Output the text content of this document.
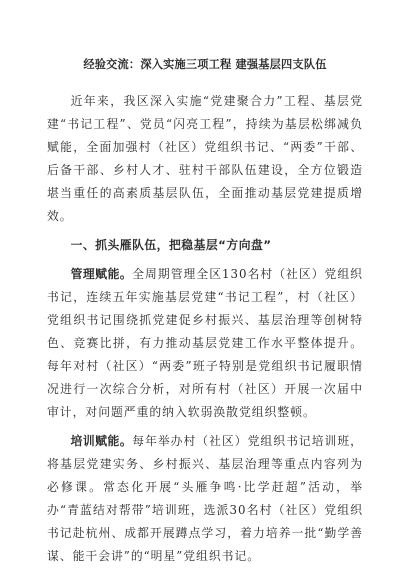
经验交流：深入实施三项工程 建强基层四支队伍

近年来，我区深入实施“党建聚合力”工程、基层党建“书记工程”、党员“闪亮工程”，持续为基层松绑减负赋能，全面加强村（社区）党组织书记、“两委”干部、后备干部、乡村人才、驻村干部队伍建设，全方位锻造堪当重任的高素质基层队伍，全面推动基层党建提质增效。

一、抓头雁队伍，把稳基层“方向盘”

管理赋能。全周期管理全区130名村（社区）党组织书记，连续五年实施基层党建“书记工程”，村（社区）党组织书记围绕抓党建促乡村振兴、基层治理等创树特色、竞赛比拼，有力推动基层党建工作水平整体提升。每年对村（社区）“两委”班子特别是党组织书记履职情况进行一次综合分析，对所有村（社区）开展一次届中审计，对问题严重的纳入软弱涣散党组织整顿。

培训赋能。每年举办村（社区）党组织书记培训班，将基层党建实务、乡村振兴、基层治理等重点内容列为必修课。常态化开展“头雁争鸣·比学赶超”活动，举办“青蓝结对帮带”培训班，选派30名村（社区）党组织书记赴杭州、成都开展蹲点学习，着力培养一批“勤学善谋、能干会讲”的“明星”党组织书记。
